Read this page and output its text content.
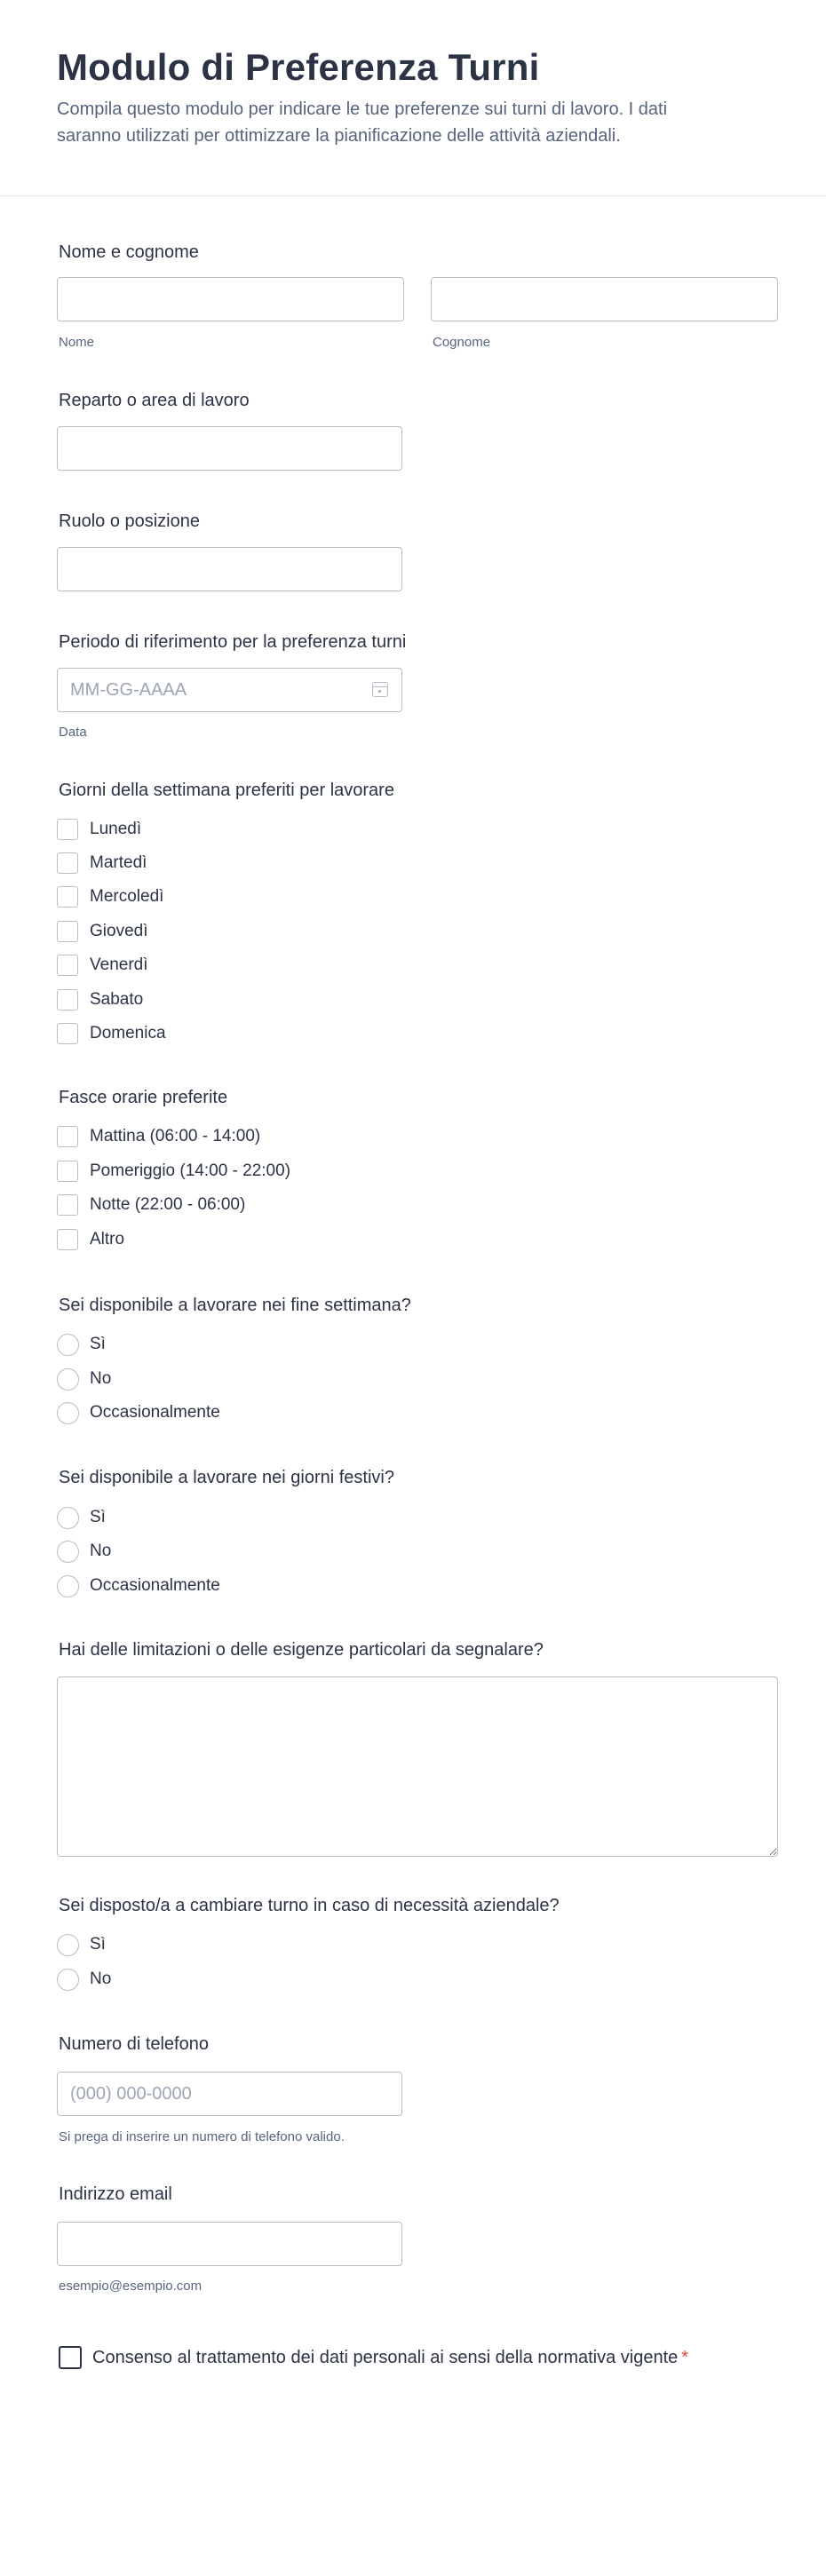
Modulo di Preferenza Turni
Compila questo modulo per indicare le tue preferenze sui turni di lavoro. I dati saranno utilizzati per ottimizzare la pianificazione delle attività aziendali.
Nome e cognome
Nome	Cognome
Reparto o area di lavoro
Ruolo o posizione
Periodo di riferimento per la preferenza turni
MM-GG-AAAA
Data
Giorni della settimana preferiti per lavorare
Lunedì
Martedì
Mercoledì
Giovedì
Venerdì
Sabato
Domenica
Fasce orarie preferite
Mattina (06:00 - 14:00)
Pomeriggio (14:00 - 22:00)
Notte (22:00 - 06:00)
Altro
Sei disponibile a lavorare nei fine settimana?
Sì
No
Occasionalmente
Sei disponibile a lavorare nei giorni festivi?
Sì
No
Occasionalmente
Hai delle limitazioni o delle esigenze particolari da segnalare?
Sei disposto/a a cambiare turno in caso di necessità aziendale?
Sì
No
Numero di telefono
(000) 000-0000
Si prega di inserire un numero di telefono valido.
Indirizzo email
esempio@esempio.com
Consenso al trattamento dei dati personali ai sensi della normativa vigente *
